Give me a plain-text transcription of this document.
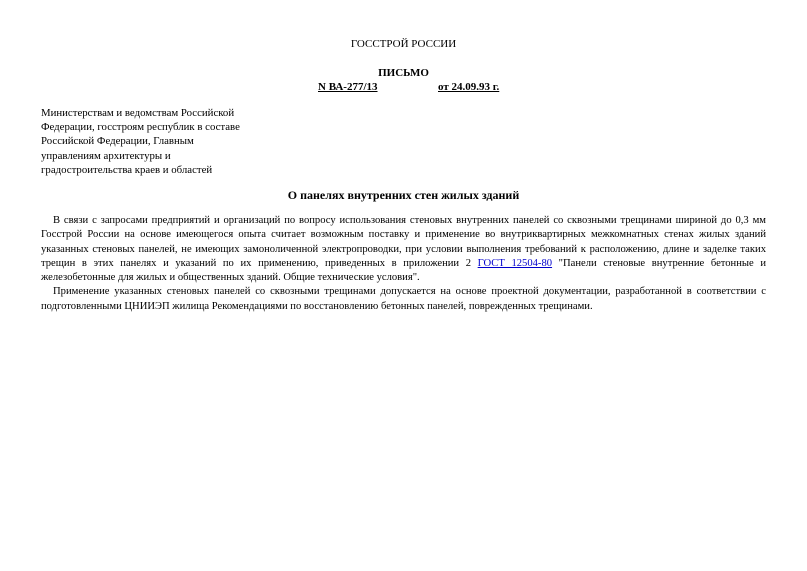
ГОССТРОЙ РОССИИ
ПИСЬМО
N ВА-277/13	от 24.09.93 г.
Министерствам и ведомствам Российской Федерации, госстроям республик в составе Российской Федерации, Главным управлениям архитектуры и градостроительства краев и областей
О панелях внутренних стен жилых зданий

В связи с запросами предприятий и организаций по вопросу использования стеновых внутренних панелей со сквозными трещинами шириной до 0,3 мм Госстрой России на основе имеющегося опыта считает возможным поставку и применение во внутриквартирных межкомнатных стенах жилых зданий указанных стеновых панелей, не имеющих замоноличенной электропроводки, при условии выполнения требований к расположению, длине и заделке таких трещин в этих панелях и указаний по их применению, приведенных в приложении 2 ГОСТ 12504-80 "Панели стеновые внутренние бетонные и железобетонные для жилых и общественных зданий. Общие технические условия".

Применение указанных стеновых панелей со сквозными трещинами допускается на основе проектной документации, разработанной в соответствии с подготовленными ЦНИИЭП жилища Рекомендациями по восстановлению бетонных панелей, поврежденных трещинами.
